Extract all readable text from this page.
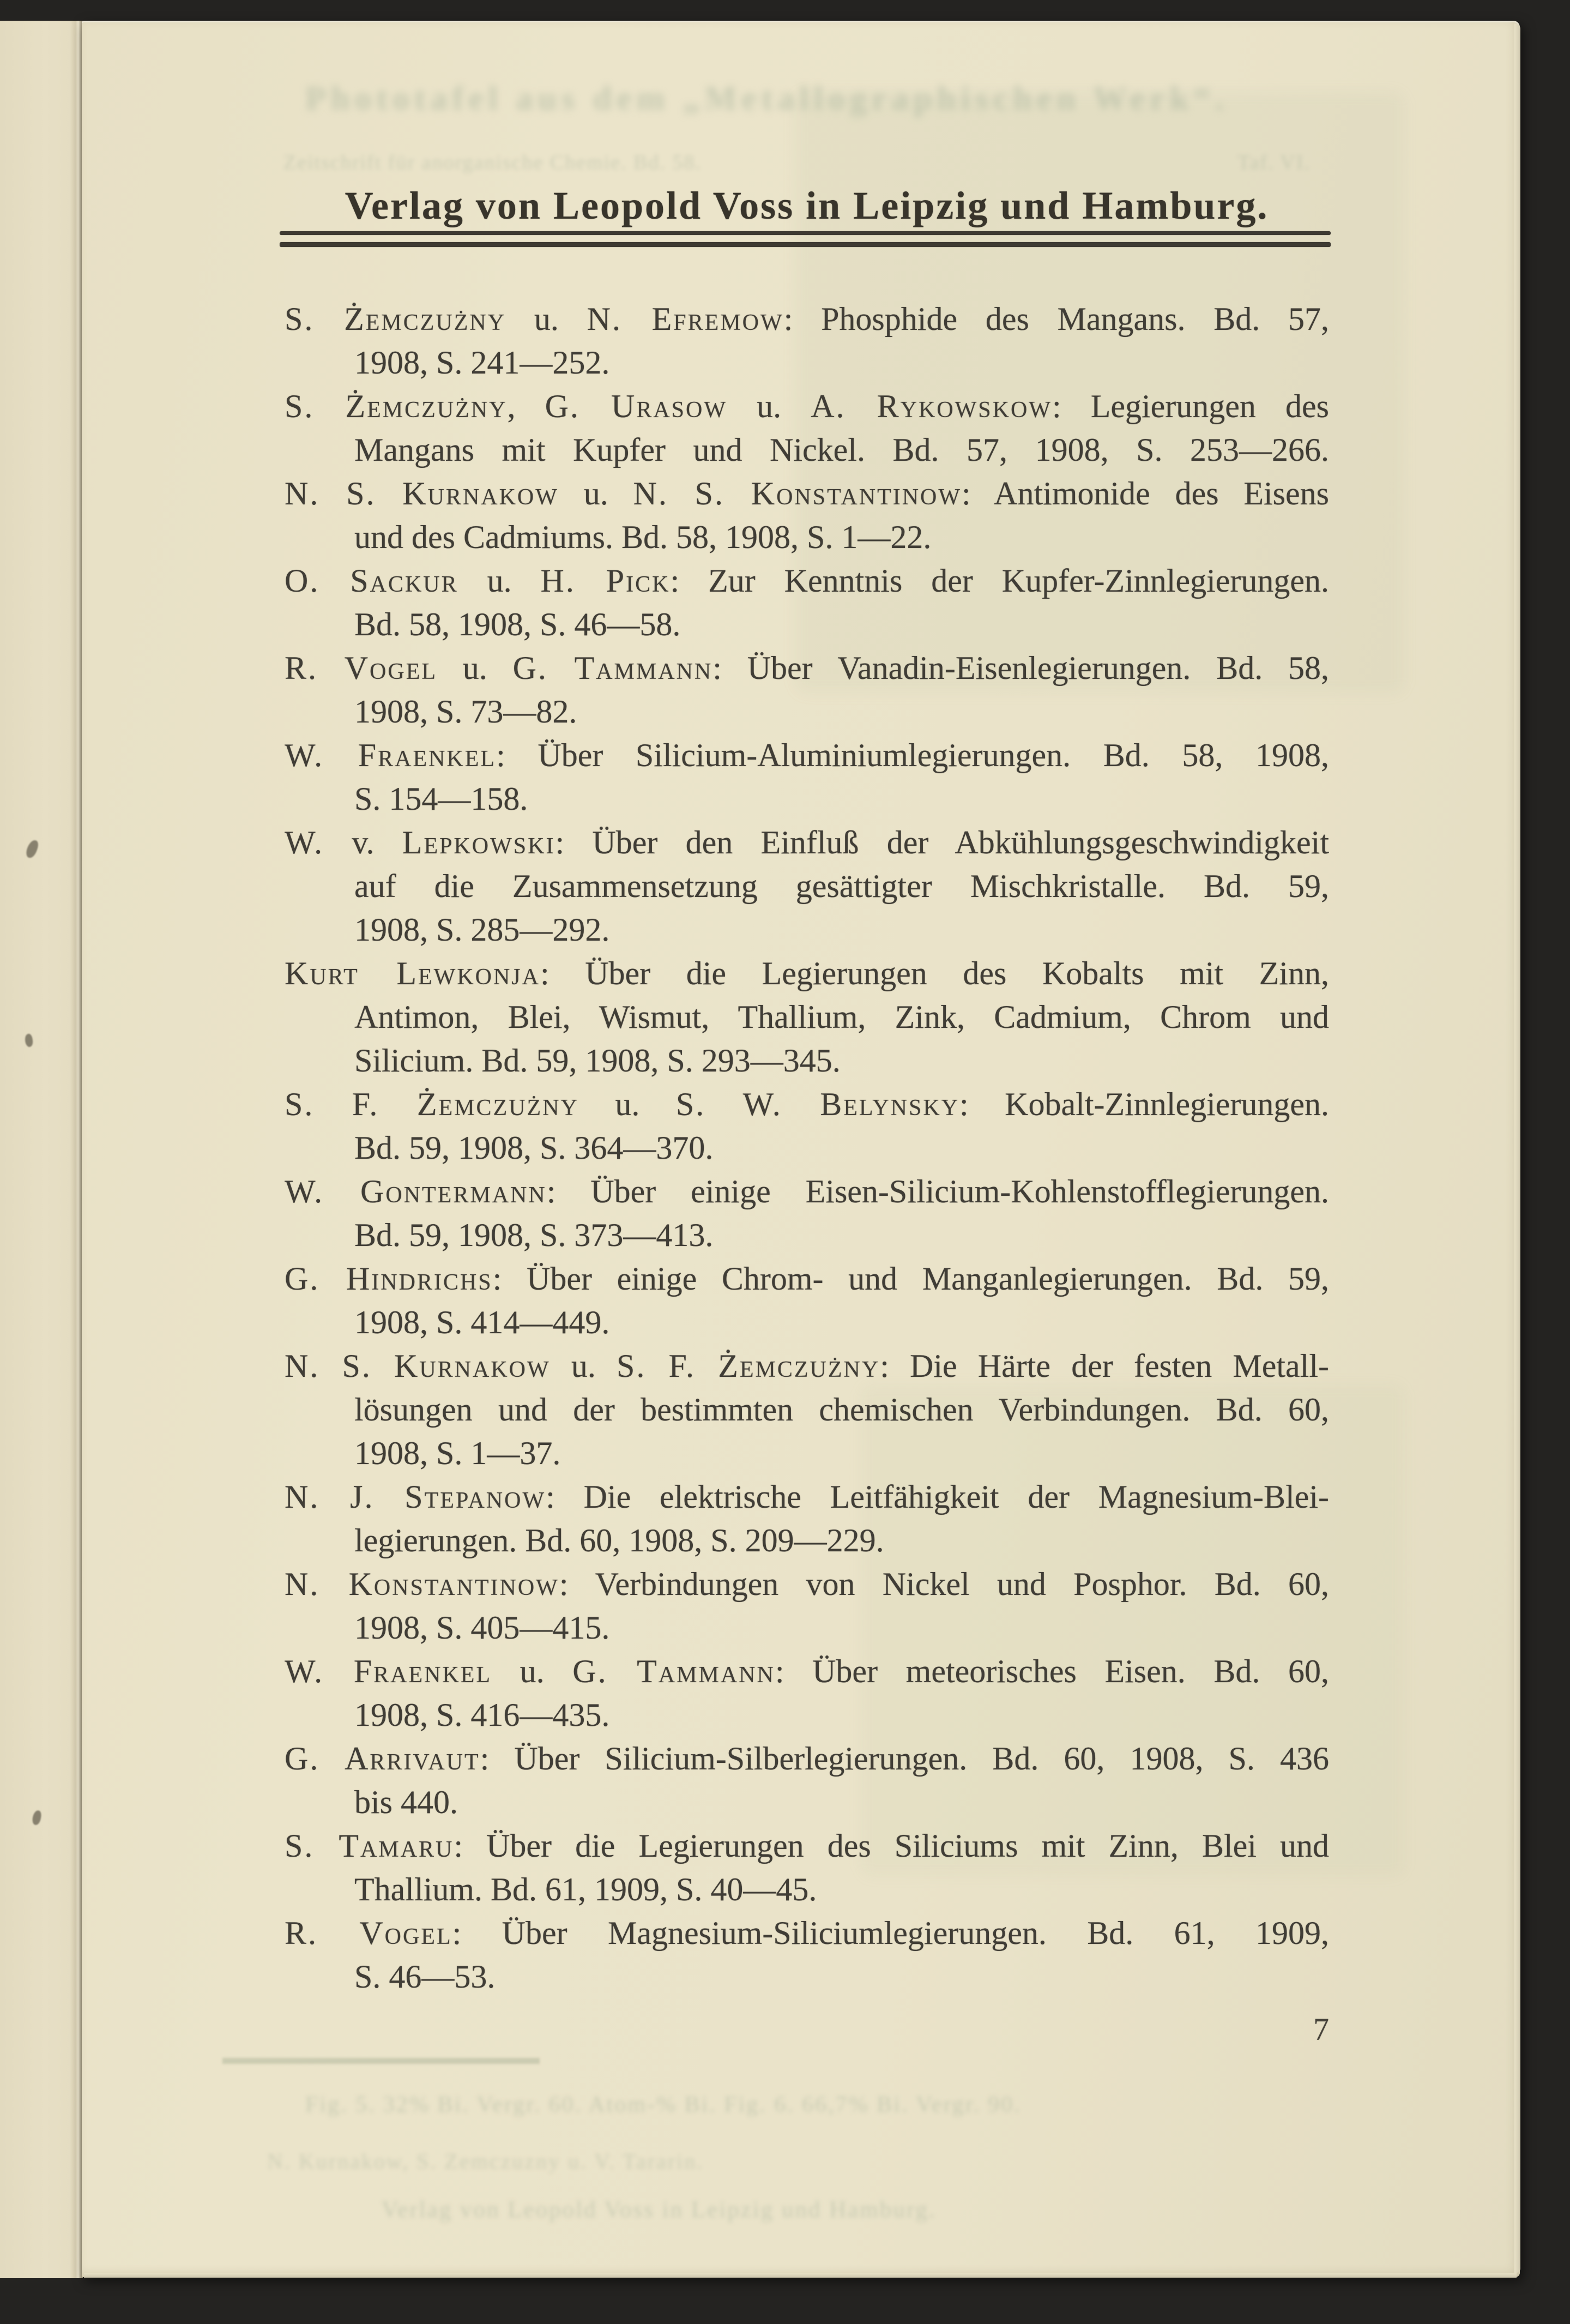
Phototafel aus dem „Metallographischen Werk“.
Zeitschrift für anorganische Chemie. Bd. 58.	Taf. VI.
Fig. 5. 32% Bi. Vergr. 60. Atom-% Bi. Fig. 6. 66,7% Bi. Vergr. 90.
N. Kurnakow, S. Zemczuzny u. V. Tararin.
Verlag von Leopold Voss in Leipzig und Hamburg.
Verlag von Leopold Voss in Leipzig und Hamburg.
S. Żemczużny u. N. Efremow: Phosphide des Mangans. Bd. 57,
1908, S. 241—252.
S. Żemczużny, G. Urasow u. A. Rykowskow: Legierungen des
Mangans mit Kupfer und Nickel. Bd. 57, 1908, S. 253—266.
N. S. Kurnakow u. N. S. Konstantinow: Antimonide des Eisens
und des Cadmiums. Bd. 58, 1908, S. 1—22.
O. Sackur u. H. Pick: Zur Kenntnis der Kupfer-Zinnlegierungen.
Bd. 58, 1908, S. 46—58.
R. Vogel u. G. Tammann: Über Vanadin-Eisenlegierungen. Bd. 58,
1908, S. 73—82.
W. Fraenkel: Über Silicium-Aluminiumlegierungen. Bd. 58, 1908,
S. 154—158.
W. v. Lepkowski: Über den Einfluß der Abkühlungsgeschwindigkeit
auf die Zusammensetzung gesättigter Mischkristalle. Bd. 59,
1908, S. 285—292.
Kurt Lewkonja: Über die Legierungen des Kobalts mit Zinn,
Antimon, Blei, Wismut, Thallium, Zink, Cadmium, Chrom und
Silicium. Bd. 59, 1908, S. 293—345.
S. F. Żemczużny u. S. W. Belynsky: Kobalt-Zinnlegierungen.
Bd. 59, 1908, S. 364—370.
W. Gontermann: Über einige Eisen-Silicium-Kohlenstofflegierungen.
Bd. 59, 1908, S. 373—413.
G. Hindrichs: Über einige Chrom- und Manganlegierungen. Bd. 59,
1908, S. 414—449.
N. S. Kurnakow u. S. F. Żemczużny: Die Härte der festen Metall-
lösungen und der bestimmten chemischen Verbindungen. Bd. 60,
1908, S. 1—37.
N. J. Stepanow: Die elektrische Leitfähigkeit der Magnesium-Blei-
legierungen. Bd. 60, 1908, S. 209—229.
N. Konstantinow: Verbindungen von Nickel und Posphor. Bd. 60,
1908, S. 405—415.
W. Fraenkel u. G. Tammann: Über meteorisches Eisen. Bd. 60,
1908, S. 416—435.
G. Arrivaut: Über Silicium-Silberlegierungen. Bd. 60, 1908, S. 436
bis 440.
S. Tamaru: Über die Legierungen des Siliciums mit Zinn, Blei und
Thallium. Bd. 61, 1909, S. 40—45.
R. Vogel: Über Magnesium-Siliciumlegierungen. Bd. 61, 1909,
S. 46—53.
7
